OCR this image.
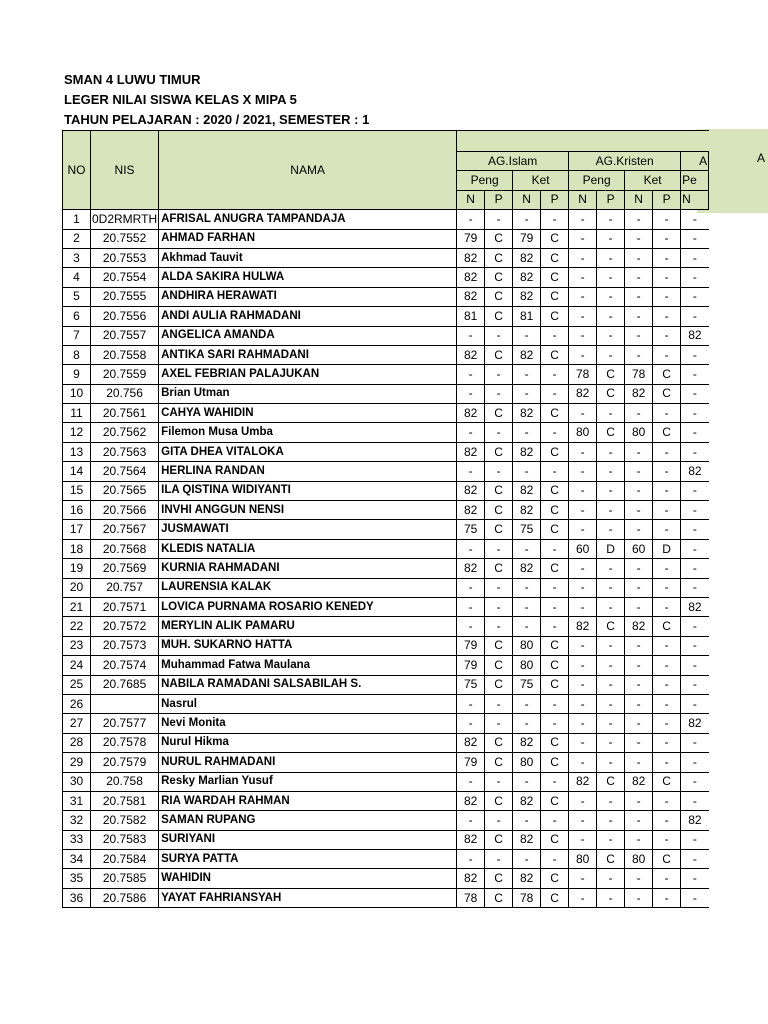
SMAN 4 LUWU TIMUR
LEGER NILAI SISWA KELAS X MIPA 5
TAHUN PELAJARAN : 2020 / 2021, SEMESTER : 1
A
NO	NIS	NAMA									
			AG.Islam				AG.Kristen				A
			Peng		Ket		Peng		Ket		Pe
			N	P	N	P	N	P	N	P	N
1	0D2RMRTH	AFRISAL ANUGRA TAMPANDAJA	-	-	-	-	-	-	-	-	-
2	20.7552	AHMAD FARHAN	79	C	79	C	-	-	-	-	-
3	20.7553	Akhmad Tauvit	82	C	82	C	-	-	-	-	-
4	20.7554	ALDA SAKIRA HULWA	82	C	82	C	-	-	-	-	-
5	20.7555	ANDHIRA HERAWATI	82	C	82	C	-	-	-	-	-
6	20.7556	ANDI AULIA RAHMADANI	81	C	81	C	-	-	-	-	-
7	20.7557	ANGELICA AMANDA	-	-	-	-	-	-	-	-	82
8	20.7558	ANTIKA SARI RAHMADANI	82	C	82	C	-	-	-	-	-
9	20.7559	AXEL FEBRIAN PALAJUKAN	-	-	-	-	78	C	78	C	-
10	20.756	Brian Utman	-	-	-	-	82	C	82	C	-
11	20.7561	CAHYA WAHIDIN	82	C	82	C	-	-	-	-	-
12	20.7562	Filemon Musa Umba	-	-	-	-	80	C	80	C	-
13	20.7563	GITA DHEA VITALOKA	82	C	82	C	-	-	-	-	-
14	20.7564	HERLINA RANDAN	-	-	-	-	-	-	-	-	82
15	20.7565	ILA QISTINA WIDIYANTI	82	C	82	C	-	-	-	-	-
16	20.7566	INVHI ANGGUN NENSI	82	C	82	C	-	-	-	-	-
17	20.7567	JUSMAWATI	75	C	75	C	-	-	-	-	-
18	20.7568	KLEDIS NATALIA	-	-	-	-	60	D	60	D	-
19	20.7569	KURNIA RAHMADANI	82	C	82	C	-	-	-	-	-
20	20.757	LAURENSIA KALAK	-	-	-	-	-	-	-	-	-
21	20.7571	LOVICA PURNAMA ROSARIO KENEDY	-	-	-	-	-	-	-	-	82
22	20.7572	MERYLIN ALIK PAMARU	-	-	-	-	82	C	82	C	-
23	20.7573	MUH. SUKARNO HATTA	79	C	80	C	-	-	-	-	-
24	20.7574	Muhammad Fatwa Maulana	79	C	80	C	-	-	-	-	-
25	20.7685	NABILA RAMADANI SALSABILAH S.	75	C	75	C	-	-	-	-	-
26		Nasrul	-	-	-	-	-	-	-	-	-
27	20.7577	Nevi Monita	-	-	-	-	-	-	-	-	82
28	20.7578	Nurul Hikma	82	C	82	C	-	-	-	-	-
29	20.7579	NURUL RAHMADANI	79	C	80	C	-	-	-	-	-
30	20.758	Resky Marlian Yusuf	-	-	-	-	82	C	82	C	-
31	20.7581	RIA WARDAH RAHMAN	82	C	82	C	-	-	-	-	-
32	20.7582	SAMAN RUPANG	-	-	-	-	-	-	-	-	82
33	20.7583	SURIYANI	82	C	82	C	-	-	-	-	-
34	20.7584	SURYA PATTA	-	-	-	-	80	C	80	C	-
35	20.7585	WAHIDIN	82	C	82	C	-	-	-	-	-
36	20.7586	YAYAT FAHRIANSYAH	78	C	78	C	-	-	-	-	-
